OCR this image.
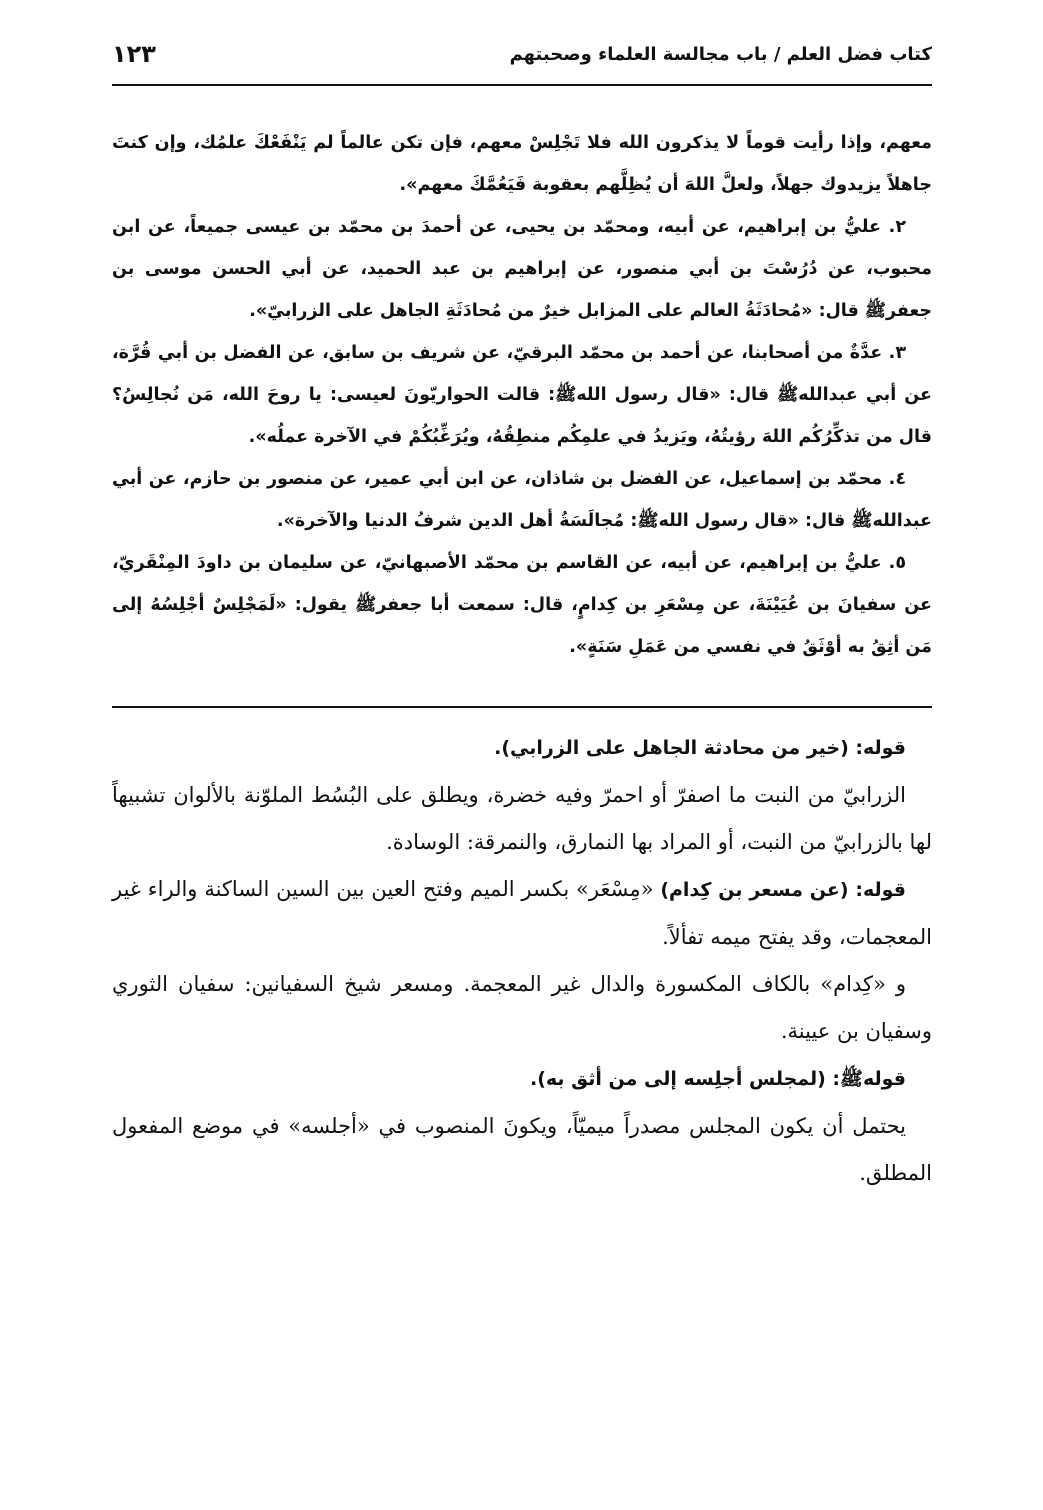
كتاب فضل العلم / باب مجالسة العلماء وصحبتهم
١٢٣

معهم، وإذا رأيت قوماً لا يذكرون الله فلا تَجْلِسْ معهم، فإن تكن عالماً لم يَنْفَعْكَ علمُك، وإن كنتَ جاهلاً يزيدوك جهلاً، ولعلَّ اللهَ أن يُظِلَّهم بعقوبة فَيَعُمَّكَ معهم».

٢. عليُّ بن إبراهيم، عن أبيه، ومحمّد بن يحيى، عن أحمدَ بن محمّد بن عيسى جميعاً، عن ابن محبوب، عن دُرُسْتَ بن أبي منصور، عن إبراهيم بن عبد الحميد، عن أبي الحسن موسى بن جعفرﷺ قال: «مُحادَثَةُ العالم على المزابل خيرٌ من مُحادَثَةِ الجاهل على الزرابيّ».

٣. عدَّةٌ من أصحابنا، عن أحمد بن محمّد البرقيّ، عن شريف بن سابق، عن الفضل بن أبي قُرَّة، عن أبي عبداللهﷺ قال: «قال رسول اللهﷺ: قالت الحواريّونَ لعيسى: يا روحَ الله، مَن نُجالِسُ؟ قال من تذكِّرُكُم اللهَ رؤيتُهُ، ويَزيدُ في علمِكُم منطِقُهُ، ويُرَغِّبُكُمْ في الآخرة عملُه».

٤. محمّد بن إسماعيل، عن الفضل بن شاذان، عن ابن أبي عمير، عن منصور بن حازم، عن أبي عبداللهﷺ قال: «قال رسول اللهﷺ: مُجالَسَةُ أهل الدين شرفُ الدنيا والآخرة».

٥. عليُّ بن إبراهيم، عن أبيه، عن القاسم بن محمّد الأصبهانيّ، عن سليمان بن داودَ المِنْقَريّ، عن سفيانَ بن عُيَيْنَةَ، عن مِسْعَرِ بن كِدامٍ، قال: سمعت أبا جعفرﷺ يقول: «لَمَجْلِسٌ أجْلِسُهُ إلى مَن أثِقُ به أوْثَقُ في نفسي من عَمَلِ سَنَةٍ».

قوله: (خير من محادثة الجاهل على الزرابي).

الزرابيّ من النبت ما اصفرّ أو احمرّ وفيه خضرة، ويطلق على البُسُط الملوّنة بالألوان تشبيهاً لها بالزرابيّ من النبت، أو المراد بها النمارق، والنمرقة: الوسادة.

قوله: (عن مسعر بن كِدام) «مِسْعَر» بكسر الميم وفتح العين بين السين الساكنة والراء غير المعجمات، وقد يفتح ميمه تفألاً.

و «كِدام» بالكاف المكسورة والدال غير المعجمة. ومسعر شيخ السفيانين: سفيان الثوري وسفيان بن عيينة.

قولهﷺ: (لمجلس أجلِسه إلى من أثق به).

يحتمل أن يكون المجلس مصدراً ميميّاً، ويكونَ المنصوب في «أجلسه» في موضع المفعول المطلق.
